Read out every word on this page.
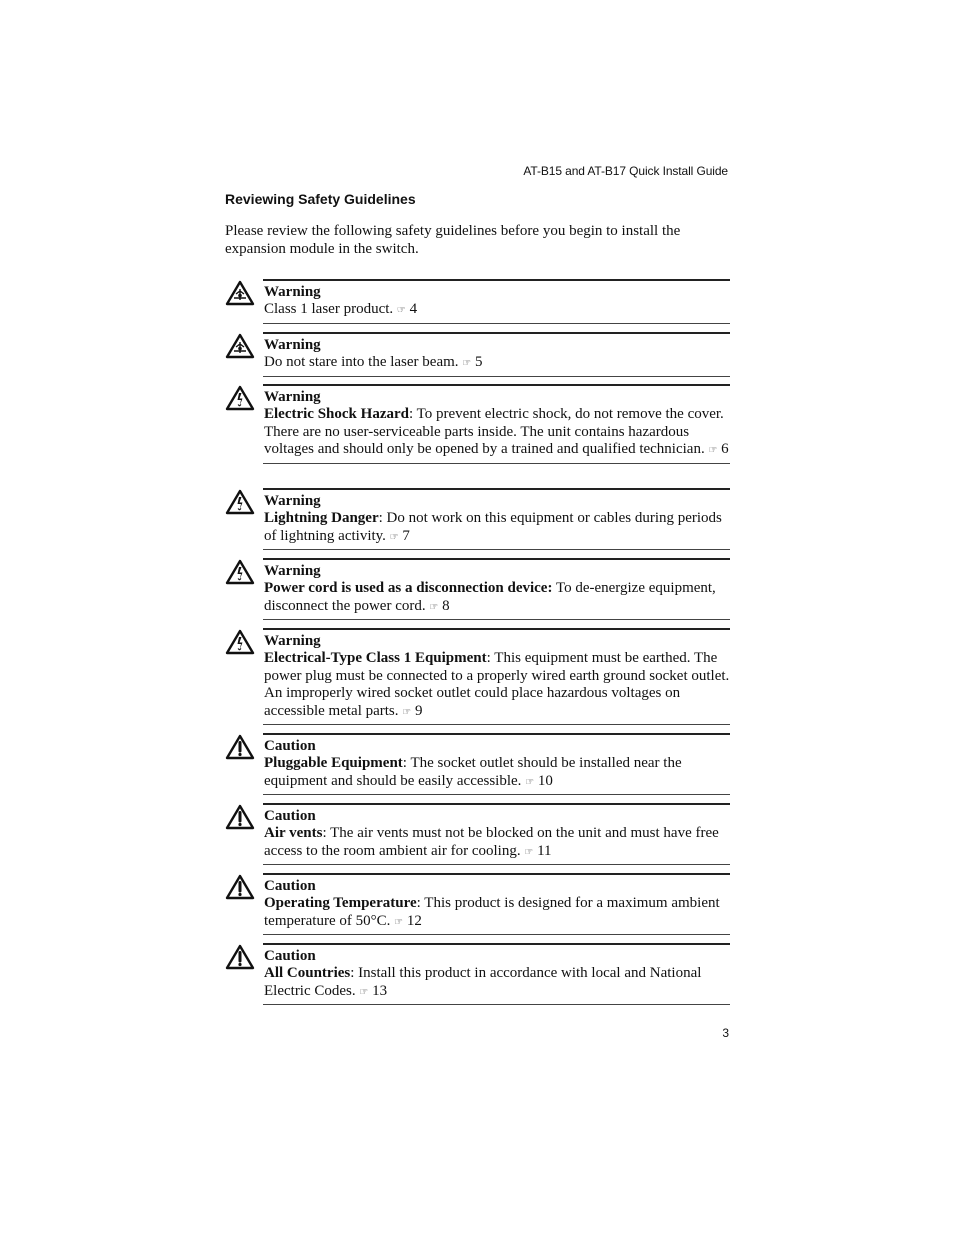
AT-B15 and AT-B17 Quick Install Guide
Reviewing Safety Guidelines
Please review the following safety guidelines before you begin to install the expansion module in the switch.
Warning
Class 1 laser product. ☞ 4
Warning
Do not stare into the laser beam. ☞ 5
Warning
Electric Shock Hazard: To prevent electric shock, do not remove the cover. There are no user-serviceable parts inside. The unit contains hazardous voltages and should only be opened by a trained and qualified technician. ☞ 6
Warning
Lightning Danger: Do not work on this equipment or cables during periods of lightning activity. ☞ 7
Warning
Power cord is used as a disconnection device: To de-energize equipment, disconnect the power cord. ☞ 8
Warning
Electrical-Type Class 1 Equipment: This equipment must be earthed. The power plug must be connected to a properly wired earth ground socket outlet. An improperly wired socket outlet could place hazardous voltages on accessible metal parts. ☞ 9
Caution
Pluggable Equipment: The socket outlet should be installed near the equipment and should be easily accessible. ☞ 10
Caution
Air vents: The air vents must not be blocked on the unit and must have free access to the room ambient air for cooling. ☞ 11
Caution
Operating Temperature: This product is designed for a maximum ambient temperature of 50°C. ☞ 12
Caution
All Countries: Install this product in accordance with local and National Electric Codes. ☞ 13
3
